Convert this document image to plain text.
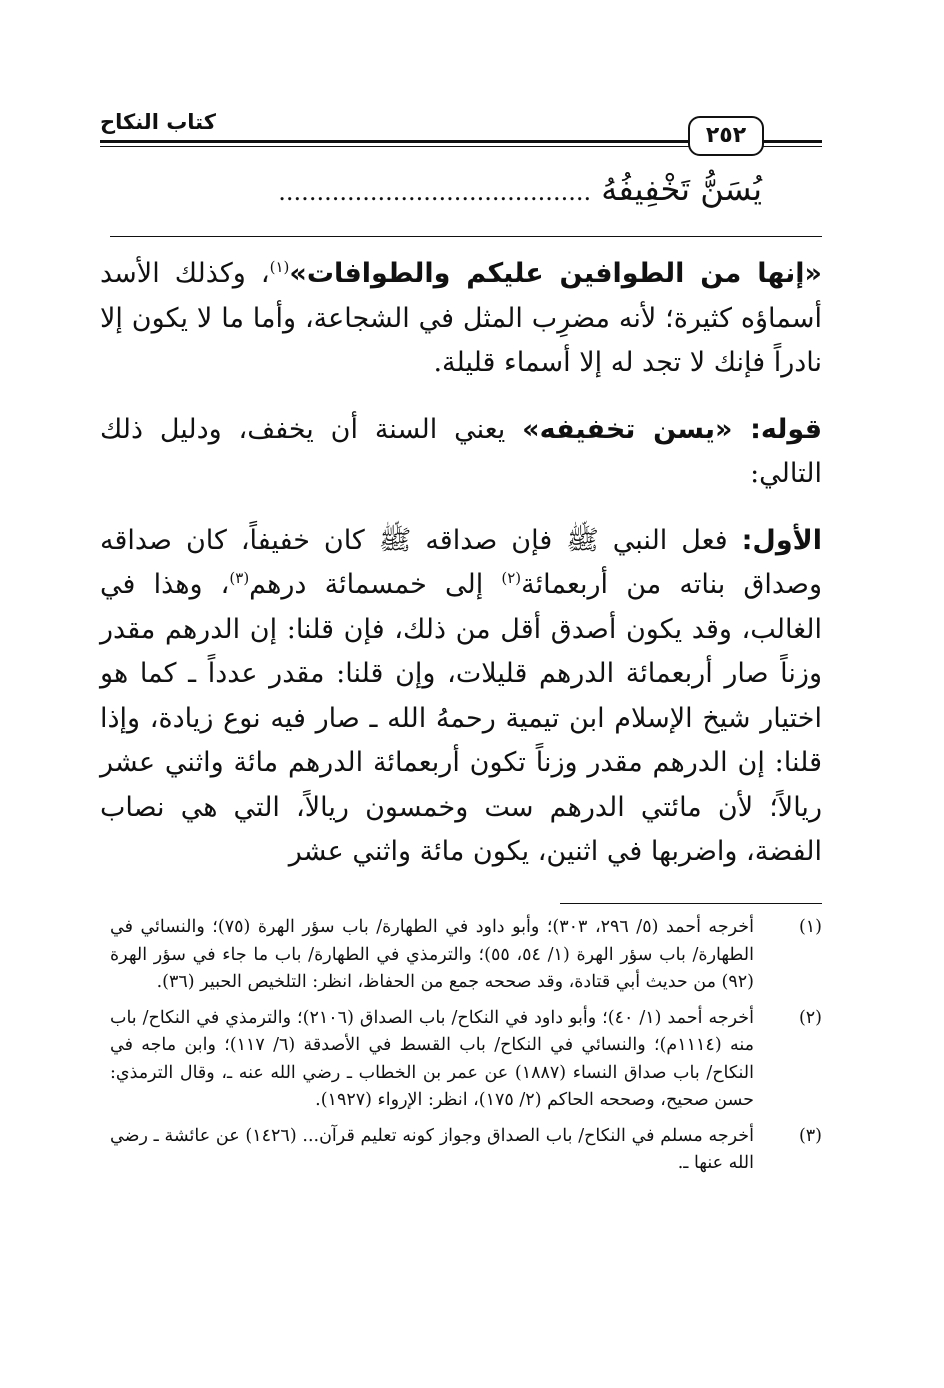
كتاب النكاح
٢٥٢
يُسَنُّ تَخْفِيفُهُ .........................................

«إنها من الطوافين عليكم والطوافات»$^{(١)}$، وكذلك الأسد أسماؤه كثيرة؛ لأنه مضرِب المثل في الشجاعة، وأما ما لا يكون إلا نادراً فإنك لا تجد له إلا أسماء قليلة.

قوله: «يسن تخفيفه» يعني السنة أن يخفف، ودليل ذلك التالي:

الأول: فعل النبي ﷺ فإن صداقه ﷺ كان خفيفاً، كان صداقه وصداق بناته من أربعمائة$^{(٢)}$ إلى خمسمائة درهم$^{(٣)}$، وهذا في الغالب، وقد يكون أصدق أقل من ذلك، فإن قلنا: إن الدرهم مقدر وزناً صار أربعمائة الدرهم قليلات، وإن قلنا: مقدر عدداً ـ كما هو اختيار شيخ الإسلام ابن تيمية رحمهُ الله ـ صار فيه نوع زيادة، وإذا قلنا: إن الدرهم مقدر وزناً تكون أربعمائة الدرهم مائة واثني عشر ريالاً؛ لأن مائتي الدرهم ست وخمسون ريالاً، التي هي نصاب الفضة، واضربها في اثنين، يكون مائة واثني عشر

(١)
أخرجه أحمد (٥/ ٢٩٦، ٣٠٣)؛ وأبو داود في الطهارة/ باب سؤر الهرة (٧٥)؛ والنسائي في الطهارة/ باب سؤر الهرة (١/ ٥٤، ٥٥)؛ والترمذي في الطهارة/ باب ما جاء في سؤر الهرة (٩٢) من حديث أبي قتادة، وقد صححه جمع من الحفاظ، انظر: التلخيص الحبير (٣٦).
(٢)
أخرجه أحمد (١/ ٤٠)؛ وأبو داود في النكاح/ باب الصداق (٢١٠٦)؛ والترمذي في النكاح/ باب منه (١١١٤م)؛ والنسائي في النكاح/ باب القسط في الأصدقة (٦/ ١١٧)؛ وابن ماجه في النكاح/ باب صداق النساء (١٨٨٧) عن عمر بن الخطاب ـ رضي الله عنه ـ، وقال الترمذي: حسن صحيح، وصححه الحاكم (٢/ ١٧٥)، انظر: الإرواء (١٩٢٧).
(٣)
أخرجه مسلم في النكاح/ باب الصداق وجواز كونه تعليم قرآن... (١٤٢٦) عن عائشة ـ رضي الله عنها ـ.
